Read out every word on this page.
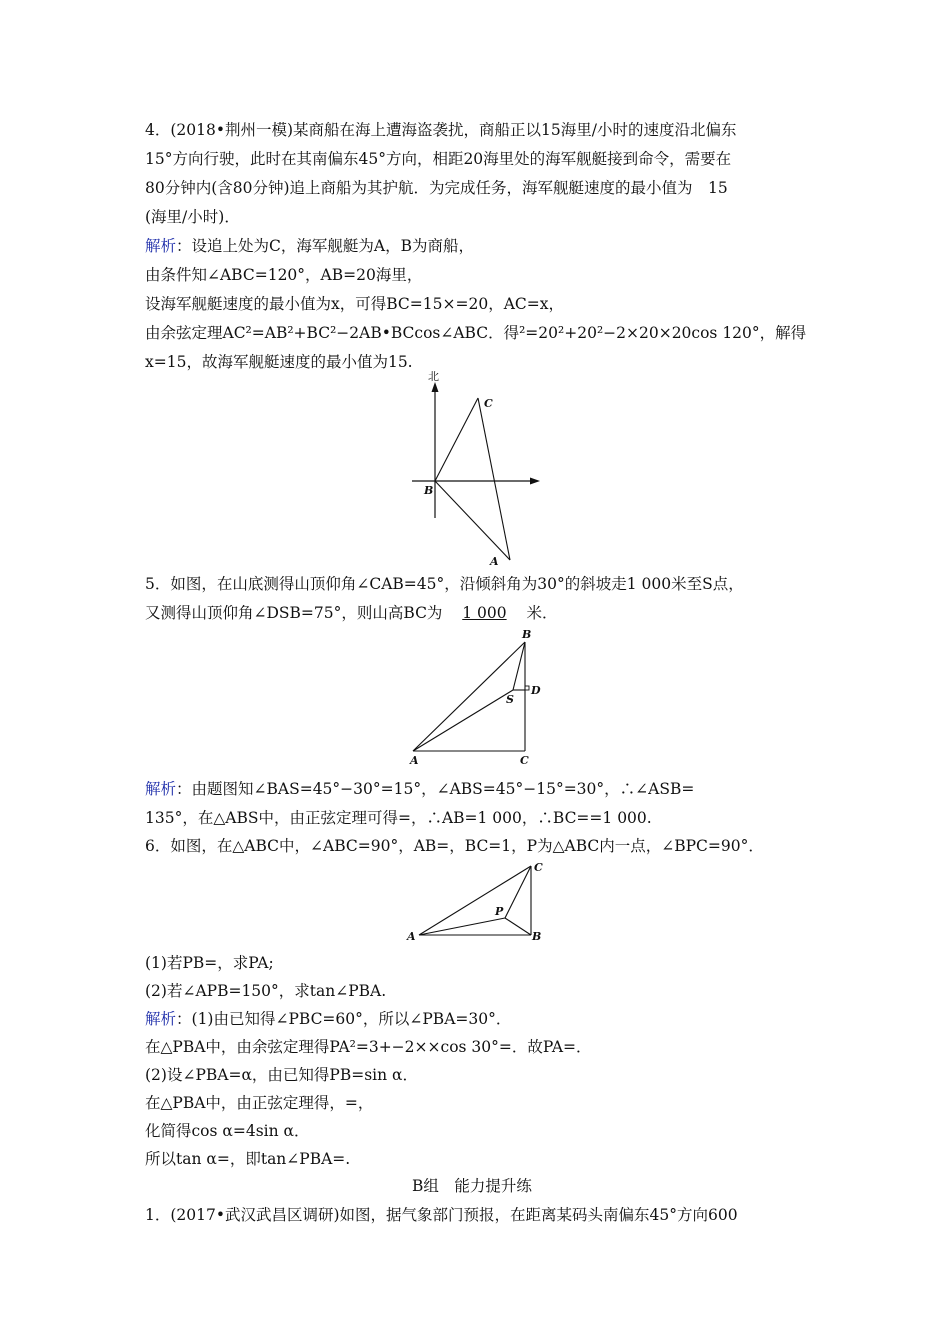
4．(2018•荆州一模)某商船在海上遭海盗袭扰，商船正以15海里/小时的速度沿北偏东
15°方向行驶，此时在其南偏东45°方向，相距20海里处的海军舰艇接到命令，需要在
80分钟内(含80分钟)追上商船为其护航．为完成任务，海军舰艇速度的最小值为　15
(海里/小时)．
解析：设追上处为C，海军舰艇为A，B为商船，
由条件知∠ABC=120°，AB=20海里，
设海军舰艇速度的最小值为x，可得BC=15×=20，AC=x，
由余弦定理AC²=AB²+BC²−2AB•BCcos∠ABC．得²=20²+20²−2×20×20cos 120°，解得
x=15，故海军舰艇速度的最小值为15.
北
C
B
A
5．如图，在山底测得山顶仰角∠CAB=45°，沿倾斜角为30°的斜坡走1 000米至S点，
又测得山顶仰角∠DSB=75°，则山高BC为 1 000 米．
B
D
S
A	C
解析：由题图知∠BAS=45°−30°=15°，∠ABS=45°−15°=30°，∴∠ASB=
135°，在△ABS中，由正弦定理可得=，∴AB=1 000，∴BC==1 000.
6．如图，在△ABC中，∠ABC=90°，AB=，BC=1，P为△ABC内一点，∠BPC=90°．
C
P
A	B
(1)若PB=，求PA;
(2)若∠APB=150°，求tan∠PBA.
解析：(1)由已知得∠PBC=60°，所以∠PBA=30°．
在△PBA中，由余弦定理得PA²=3+−2××cos 30°=．故PA=．
(2)设∠PBA=α，由已知得PB=sin α．
在△PBA中，由正弦定理得，=，
化简得cos α=4sin α．
所以tan α=，即tan∠PBA=.
B组　能力提升练
1．(2017•武汉武昌区调研)如图，据气象部门预报，在距离某码头南偏东45°方向600
